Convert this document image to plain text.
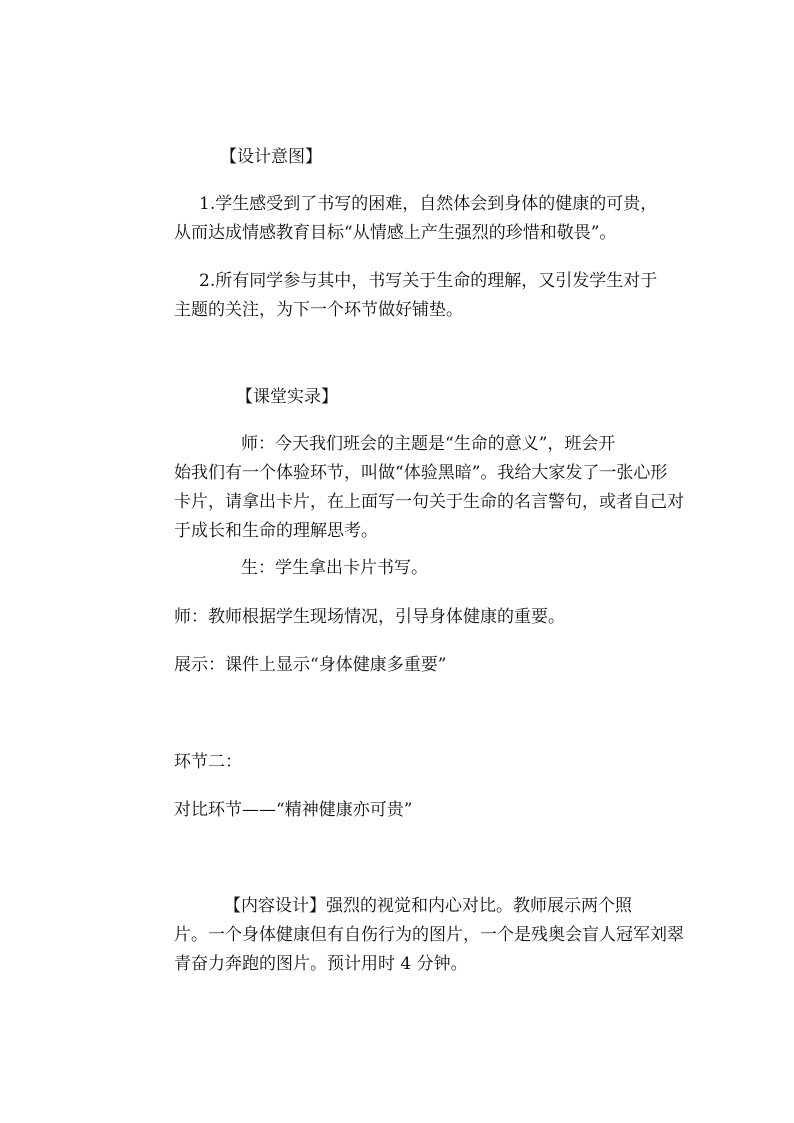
【设计意图】

1.学生感受到了书写的困难，自然体会到身体的健康的可贵，
从而达成情感教育目标“从情感上产生强烈的珍惜和敬畏”。
2.所有同学参与其中，书写关于生命的理解，又引发学生对于
主题的关注，为下一个环节做好铺垫。

【课堂实录】

师：今天我们班会的主题是“生命的意义”，班会开
始我们有一个体验环节，叫做“体验黑暗”。我给大家发了一张心形
卡片，请拿出卡片，在上面写一句关于生命的名言警句，或者自己对
于成长和生命的理解思考。

生：学生拿出卡片书写。

师：教师根据学生现场情况，引导身体健康的重要。

展示：课件上显示“身体健康多重要”

环节二：

对比环节——“精神健康亦可贵”

【内容设计】强烈的视觉和内心对比。教师展示两个照
片。一个身体健康但有自伤行为的图片，一个是残奥会盲人冠军刘翠
青奋力奔跑的图片。预计用时 4 分钟。
